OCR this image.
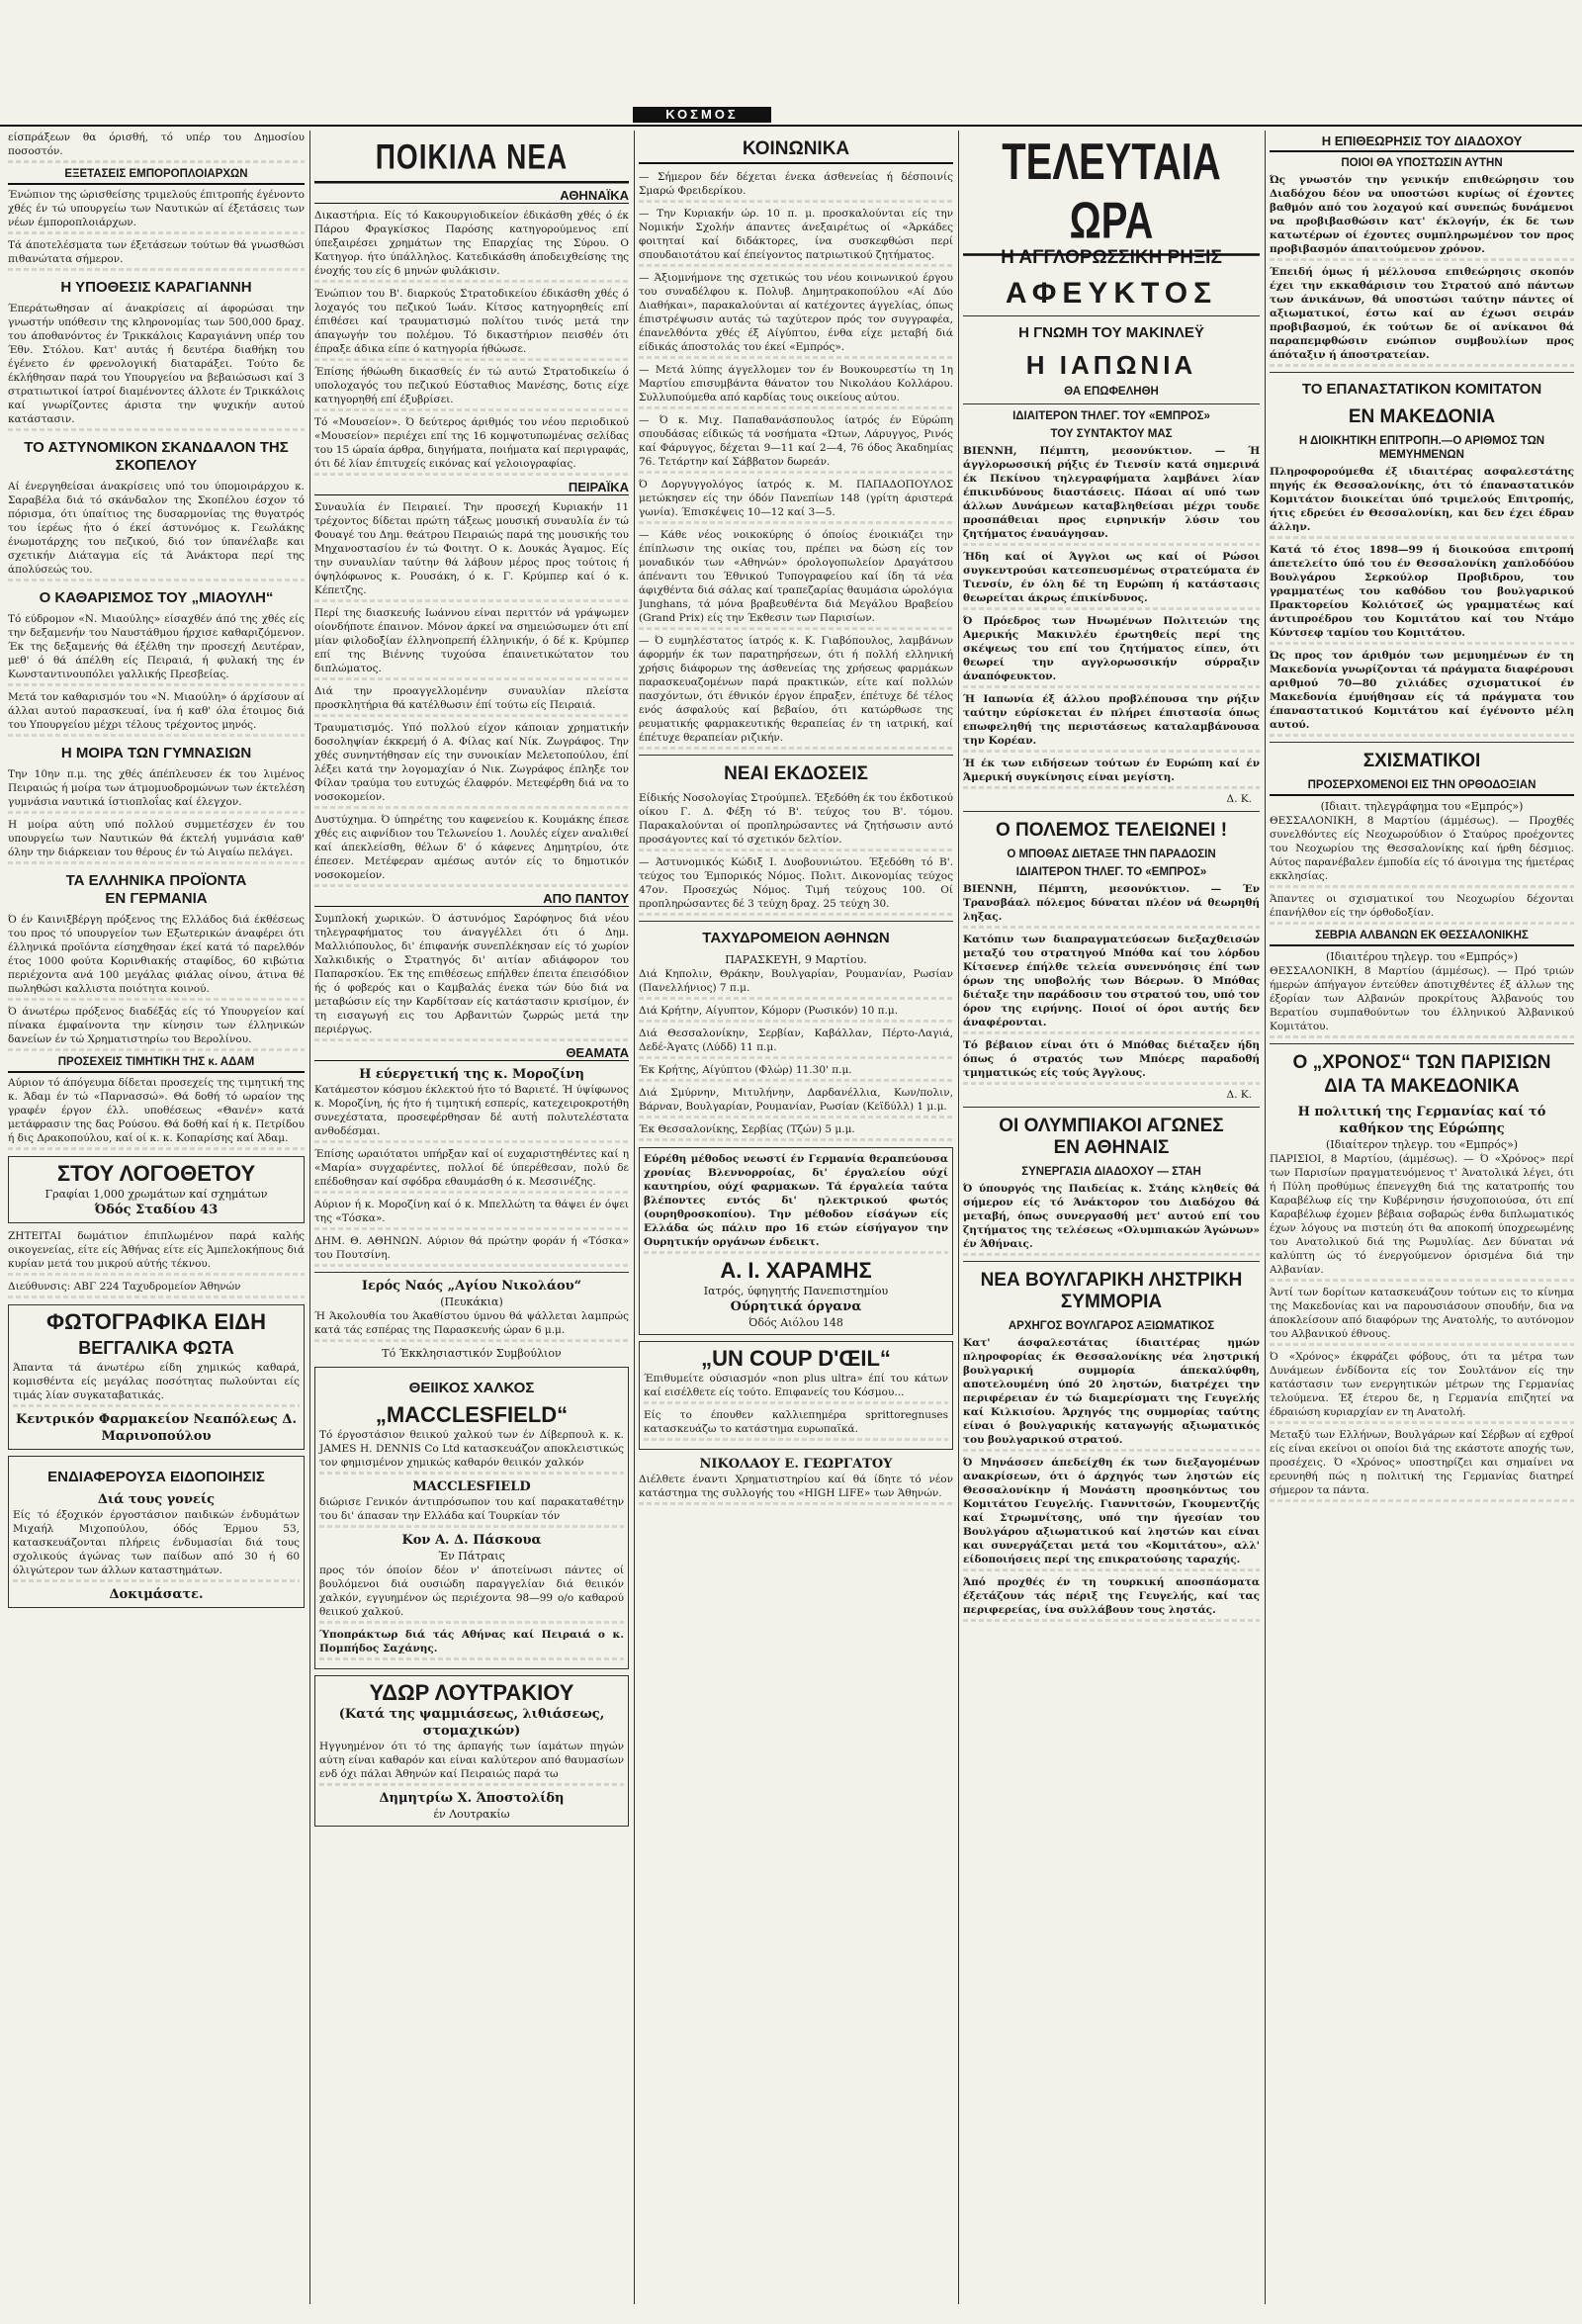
ΚΟΣΜΟΣ

είσπράξεων θα όρισθή, τό υπέρ του Δημοσίου ποσοστόν.

ΕΞΕΤΑΣΕΙΣ ΕΜΠΟΡΟΠΛΟΙΑΡΧΩΝ

Ένώπιον της ώρισθείσης τριμελούς έπιτροπής έγένοντο χθές έν τώ υπουργείω των Ναυτικών αί έξετάσεις των νέων έμποροπλοιάρχων.

Τά άποτελέσματα των έξετάσεων τούτων θά γνωσθώσι πιθανώτατα σήμερον.

Η ΥΠΟΘΕΣΙΣ ΚΑΡΑΓΙΑΝΝΗ

Έπεράτωθησαν αί άνακρίσεις αί άφορώσαι την γνωστήν υπόθεσιν της κληρονομίας των 500,000 δραχ. του άποθανόντος έν Τρικκάλοις Καραγιάννη υπέρ του Έθν. Στόλου. Κατ' αυτάς ή δευτέρα διαθήκη του έγένετο έν φρενολογική διαταράξει. Τούτο δε έκλήθησαν παρά του Υπουργείου να βεβαιώσωσι καί 3 στρατιωτικοί ίατροί διαμένοντες άλλοτε έν Τρικκάλοις καί γνωρίζοντες άριστα την ψυχικήν αυτού κατάστασιν.

ΤΟ ΑΣΤΥΝΟΜΙΚΟΝ ΣΚΑΝΔΑΛΟΝ ΤΗΣ ΣΚΟΠΕΛΟΥ

Αί ένεργηθείσαι άνακρίσεις υπό του ύπομοιράρχου κ. Σαραβέλα διά τό σκάνδαλον της Σκοπέλου έσχον τό πόρισμα, ότι ύπαίτιος της δυσαρμονίας της θυγατρός του ίερέως ήτο ό έκεί άστυνόμος κ. Γεωλάκης ένωμοτάρχης του πεζικού, διό τον ύπανέλαβε και σχετικήν Διάταγμα είς τά Άνάκτορα περί της άπολύσεώς του.

Ο ΚΑΘΑΡΙΣΜΟΣ ΤΟΥ „ΜΙΑΟΥΛΗ“

Τό εύδρομον «Ν. Μιαούλης» είσαχθέν άπό της χθές είς την δεξαμενήν του Ναυστάθμου ήρχισε καθαριζόμενον. Έκ της δεξαμενής θά έξέλθη την προσεχή Δευτέραν, μεθ' ό θά άπέλθη είς Πειραιά, ή φυλακή της έν Κωνσταντινουπόλει γαλλικής Πρεσβείας.

Μετά τον καθαρισμόν του «Ν. Μιαούλη» ό άρχίσουν αί άλλαι αυτού παρασκευαί, ίνα ή καθ' όλα έτοιμος διά του Υπουργείου μέχρι τέλους τρέχοντος μηνός.

Η ΜΟΙΡΑ ΤΩΝ ΓΥΜΝΑΣΙΩΝ

Την 10ην π.μ. της χθές άπέπλευσεν έκ του λιμένος Πειραιώς ή μοίρα των άτμομυοδρομώνων των έκτελέση γυμνάσια ναυτικά ίστιοπλοΐας καί έλεγχον.

Η μοίρα αύτη υπό πολλού συμμετέσχεν έν του υπουργείω των Ναυτικών θά έκτελή γυμνάσια καθ' όλην την διάρκειαν του θέρους έν τώ Αιγαίω πελάγει.

ΤΑ ΕΛΛΗΝΙΚΑ ΠΡΟΪΟΝΤΑ
ΕΝ ΓΕΡΜΑΝΙΑ

Ό έν Καινιξβέργη πρόξενος της Ελλάδος διά έκθέσεως του προς τό υπουργείον των Εξωτερικών άναφέρει ότι έλληνικά προϊόντα είσηχθησαν έκεί κατά τό παρελθόν έτος 1000 φούτα Κορινθιακής σταφίδος, 60 κιβώτια περιέχοντα ανά 100 μεγάλας φιάλας οίνου, άτινα θέ πωληθώσι καλλιστα ποιότητα κοινού.

Ό άνωτέρω πρόξενος διαδέξάς είς τό Υπουργείον καί πίνακα έμφαίνοντα την κίνησιν των έλληνικών δανείων έν τώ Χρηματιστηρίω του Βερολίνου.

ΠΡΟΣΕΧΕΙΣ ΤΙΜΗΤΙΚΗ ΤΗΣ κ. ΑΔΑΜ

Αύριον τό άπόγευμα δίδεται προσεχείς της τιμητική της κ. Άδαμ έν τώ «Παρνασσώ». Θά δοθή τό ωραίον της γραφέν έργον έλλ. υποθέσεως «Θανέν» κατά μετάφρασιν της δας Ρούσου. Θά δοθή καί ή κ. Πετρίδου ή δις Δρακοπούλου, καί οί κ. κ. Κοπαρίσης καί Άδαμ.

ΣΤΟΥ ΛΟΓΟΘΕΤΟΥ
Γραφίαι 1,000 χρωμάτων καί σχημάτων
Όδός Σταδίου 43

ΖΗΤΕΙΤΑΙ δωμάτιον έπιπλωμένον παρά καλής οικογενείας, είτε είς Άθήνας είτε είς Άμπελοκήπους διά κυρίαν μετά του μικρού αύτής τέκνου.

Διεύθυνσις: ΑΒΓ 224 Ταχυδρομείον Άθηνών

ΦΩΤΟΓΡΑΦΙΚΑ ΕΙΔΗ
ΒΕΓΓΑΛΙΚΑ ΦΩΤΑ
Άπαντα τά άνωτέρω είδη χημικώς καθαρά, κομισθέντα είς μεγάλας ποσότητας πωλούνται είς τιμάς λίαν συγκαταβατικάς.
Κεντρικόν Φαρμακείον Νεαπόλεως Δ. Μαρινοπούλου
ΕΝΔΙΑΦΕΡΟΥΣΑ ΕΙΔΟΠΟΙΗΣΙΣ
Διά τους γονείς
Είς τό έξοχικόν έργοστάσιον παιδικών ένδυμάτων Μιχαήλ Μιχοπούλου, όδός Έρμου 53, κατασκευάζονται πλήρεις ένδυμασίαι διά τους σχολικούς άγώνας των παίδων από 30 ή 60 όλιγώτερον των άλλων καταστημάτων.
Δοκιμάσατε.
ΠΟΙΚΙΛΑ ΝΕΑ
ΑΘΗΝΑΪΚΑ

Δικαστήρια. Είς τό Κακουργιοδικείον έδικάσθη χθές ό έκ Πάρου Φραγκίσκος Παρόσης κατηγορούμενος επί ύπεξαιρέσει χρημάτων της Επαρχίας της Σύρου. Ο Κατηγορ. ήτο ύπάλληλος. Κατεδικάσθη άποδειχθείσης της ένοχής του είς 6 μηνών φυλάκισιν.

Ένώπιον του Β'. διαρκούς Στρατοδικείου έδικάσθη χθές ό λοχαγός του πεζικού Ίωάν. Κίτσος κατηγορηθείς επί έπιθέσει καί τραυματισμώ πολίτου τινός μετά την άπαγωγήν του πολέμου. Τό δικαστήριον πεισθέν ότι έπραξε άδικα είπε ό κατηγορία ήθώωσε.

Έπίσης ήθώωθη δικασθείς έν τώ αυτώ Στρατοδικείω ό υπολοχαγός του πεζικού Εύσταθιος Μανέσης, δοτις είχε κατηγορηθή επί έξυβρίσει.

Τό «Μουσείον». Ό δεύτερος άριθμός του νέου περιοδικού «Μουσείον» περιέχει επί της 16 κομψοτυπωμένας σελίδας του 15 ώραία άρθρα, διηγήματα, ποιήματα καί περιγραφάς, ότι δέ λίαν έπιτυχείς εικόνας καί γελοιογραφίας.

ΠΕΙΡΑΪΚΑ

Συναυλία έν Πειραιεί. Την προσεχή Κυριακήν 11 τρέχοντος δίδεται πρώτη τάξεως μουσική συναυλία έν τώ Φουαγέ του Δημ. θεάτρου Πειραιώς παρά της μουσικής του Μηχανοστασίου έν τώ Φοιτητ. Ο κ. Δουκάς Άγαμος. Είς την συναυλίαν ταύτην θά λάβουν μέρος προς τούτοις ή όψηλόφωνος κ. Ρουσάκη, ό κ. Γ. Κρύμπερ καί ό κ. Κέπετζης.

Περί της διασκευής Ιωάννου είναι περιττόν νά γράψωμεν οίονδήποτε έπαινον. Μόνον άρκεί να σημειώσωμεν ότι επί μίαν φιλοδοξίαν έλληνοπρεπή έλληνικήν, ό δέ κ. Κρύμπερ επί της Βιέννης τυχούσα έπαινετικώτατον του διπλώματος.

Διά την προαγγελλομένην συναυλίαν πλείστα προσκλητήρια θά κατέλθωσιν έπί τούτω είς Πειραιά.

Τραυματισμός. Υπό πολλού είχον κάποιαν χρηματικήν δοσοληψίαν έκκρεμή ό Α. Φίλας καί Νίκ. Ζωγράφος. Την χθές συνηντήθησαν είς την συνοικίαν Μελετοπούλου, έπί λέξει κατά την λογομαχίαν ό Νικ. Ζωγράφος έπληξε τον Φίλαν τραύμα του ευτυχώς έλαφρόν. Μετεφέρθη διά να το νοσοκομείον.

Δυστύχημα. Ό ύπηρέτης του καφενείου κ. Κουμάκης έπεσε χθές εις αιφνίδιον του Τελωνείου 1. Λουλές είχεν αναλιθεί καί άπεκλείσθη, θέλων δ' ό κάφενες Δημητρίου, ότε έπεσεν. Μετέφεραν αμέσως αυτόν είς το δημοτικόν νοσοκομείον.

ΑΠΟ ΠΑΝΤΟΥ

Συμπλοκή χωρικών. Ό άστυνόμος Σαρόφηνος διά νέου τηλεγραφήματος του άναγγέλλει ότι ό Δημ. Μαλλιόπουλος, δι' έπιφανήκ συνεπλέκησαν είς τό χωρίον Χαλκιδικής ο Στρατηγός δι' αιτίαν αδιάφορον του Παπαρσκίου. Έκ της επιθέσεως επήλθεν έπειτα έπεισόδιον ής ό φοβερός και ο Καμβαλάς ένεκα τών δύο διά να μεταβώσιν είς την Καρδίτσαν είς κατάστασιν κρισίμον, έν τη εισαγωγή εις του Αρβανιτών ζωρρώς μετά την περιέργως.

ΘΕΑΜΑΤΑ
Η εύεργετική της κ. Μοροζίνη

Κατάμεστον κόσμου έκλεκτού ήτο τό Βαριετέ. Ή ύψίφωνος κ. Μοροζίνη, ής ήτο ή τιμητική εσπερίς, κατεχειροκροτήθη συνεχέστατα, προσεφέρθησαν δέ αυτή πολυτελέστατα ανθοδέσμαι.

Έπίσης ωραιότατοι υπήρξαν καί οί ευχαριστηθέντες καί η «Μαρία» συγχαρέντες, πολλοί δέ ύπερέθεσαν, πολύ δε επέδοθησαν καί σφόδρα εθαυμάσθη ό κ. Μεσσινέζης.

Αύριον ή κ. Μοροζίνη καί ό κ. Μπελλώτη τα θάψει έν όψει της «Τόσκα».

ΔΗΜ. Θ. ΑΘΗΝΩΝ. Αύριον θά πρώτην φοράν ή «Τόσκα» του Πουτσίνη.

Ιερός Ναός „Αγίου Νικολάου“
(Πευκάκια)

Ή Άκολουθία του Άκαθίστου ύμνου θά ψάλλεται λαμπρώς κατά τάς εσπέρας της Παρασκευής ώραν 6 μ.μ.

Τό Έκκλησιαστικόν Συμβούλιον
ΘΕΙΙΚΟΣ ΧΑΛΚΟΣ
„MACCLESFIELD“

Τό έργοστάσιον θειικού χαλκού των έν Δίβερπουλ κ. κ. JAMES H. DENNIS Co Ltd κατασκευάζον αποκλειστικώς τον φημισμένον χημικώς καθαρόν θειικόν χαλκόν

MACCLESFIELD

διώρισε Γενικόν άντιπρόσωπον του καί παρακαταθέτην του δι' άπασαν την Ελλάδα καί Τουρκίαν τόν

Κον Α. Δ. Πάσκουα
Έν Πάτραις

προς τόν όποίον δέον ν' άποτείνωσι πάντες οί βουλόμενοι διά ουσιώδη παραγγελίαν διά θειικόν χαλκόν, εγγυημένον ώς περιέχοντα 98—99 ο/ο καθαρού θειικού χαλκού.

Ύποπράκτωρ διά τάς Αθήνας καί Πειραιά ο κ. Πομπήδος Σαχάνης.

ΥΔΩΡ ΛΟΥΤΡΑΚΙΟΥ
(Κατά της ψαμμιάσεως, λιθιάσεως, στομαχικών)

Ηγγυημένον ότι τό της άρπαγής των ίαμάτων πηγών αύτη είναι καθαρόν και είναι καλύτερον από θαυμασίων ενδ όχι πάλαι Άθηνών καί Πειραιώς παρά τω

Δημητρίω Χ. Άποστολίδη
έν Λουτρακίω
ΚΟΙΝΩΝΙΚΑ

— Σήμερον δέν δέχεται ένεκα άσθενείας ή δέσποινίς Σμαρώ Φρειδερίκου.

— Την Κυριακήν ώρ. 10 π. μ. προσκαλούνται είς την Νομικήν Σχολήν άπαντες άνεξαιρέτως οί «Άρκάδες φοιτηταί καί διδάκτορες, ίνα συσκεφθώσι περί σπουδαιοτάτου καί έπείγοντος πατριωτικού ζητήματος.

— Άξιομνήμονε της σχετικώς του νέου κοινωνικού έργου του συναδέλφου κ. Πολυβ. Δημητρακοπούλου «Αί Δύο Διαθήκαι», παρακαλούνται αί κατέχοντες άγγελίας, όπως έπιστρέψωσιν αυτάς τώ ταχύτερον πρός τον συγγραφέα, έπανελθόντα χθές έξ Αίγύπτου, ένθα είχε μεταβή διά είδικάς άποστολάς του έκεί «Εμπρός».

— Μετά λύπης άγγελλομεν τον έν Βουκουρεστίω τη 1η Μαρτίου επισυμβάντα θάνατον του Νικολάου Κολλάρου. Συλλυπούμεθα από καρδίας τους οικείους αύτου.

— Ό κ. Μιχ. Παπαθανάσπουλος ίατρός έν Εύρώπη σπουδάσας είδικώς τά νοσήματα «Ώτων, Λάρυγγος, Ρινός καί Φάρυγγος, δέχεται 9—11 καί 2—4, 76 όδος Άκαδημίας 76. Τετάρτην καί Σάββατον δωρεάν.

Ό Δοργυγγολόγος ίατρός κ. Μ. ΠΑΠΑΔΟΠΟΥΛΟΣ μετώκησεν είς την όδόν Πανεπίων 148 (γρίτη άριστερά γωνία). Έπισκέψεις 10—12 καί 3—5.

— Κάθε νέος νοικοκύρης ό όποίος ένοικιάζει την έπίπλωσιν της οικίας του, πρέπει να δώση είς τον μοναδικόν των «Αθηνών» όρολογοπωλείον Δραγάτσου άπέναντι του Έθνικού Τυπογραφείου καί ίδη τά νέα άφιχθέντα διά σάλας καί τραπεζαρίας θαυμάσια ώρολόγια Junghans, τά μόνα βραβευθέντα διά Μεγάλου Βραβείου (Grand Prix) είς την Έκθεσιν των Παρισίων.

— Ό ευμηλέστατος ίατρός κ. Κ. Γιαβόπουλος, λαμβάνων άφορμήν έκ των παρατηρήσεων, ότι ή πολλή ελληνική χρήσις διάφορων της άσθενείας της χρήσεως φαρμάκων παρασκευαζομένων παρά πρακτικών, είτε καί πολλών πασχόντων, ότι έθνικόν έργον έπραξεν, έπέτυχε δέ τέλος ενός άσφαλούς καί βεβαίου, ότι κατώρθωσε της ρευματικής φαρμακευτικής θεραπείας έν τη ιατρική, καί έπέτυχε θεραπείαν ριζικήν.

ΝΕΑΙ ΕΚΔΟΣΕΙΣ

Είδικής Νοσολογίας Στρούμπελ. Έξεδόθη έκ του έκδοτικού οίκου Γ. Δ. Φέξη τό Β'. τεύχος του Β'. τόμου. Παρακαλούνται οί προπληρώσαντες νά ζητήσωσιν αυτό προσάγοντες καί τό σχετικόν δελτίον.

— Άστυνομικός Κώδιξ Ι. Δυοβουνιώτου. Έξεδόθη τό Β'. τεύχος του Έμπορικός Νόμος. Πολιτ. Δικονομίας τεύχος 47ον. Προσεχώς Νόμος. Τιμή τεύχους 100. Οί προπληρώσαντες δέ 3 τεύχη δραχ. 25 τεύχη 30.

ΤΑΧΥΔΡΟΜΕΙΟΝ ΑΘΗΝΩΝ
ΠΑΡΑΣΚΕΥΗ, 9 Μαρτίου.

Διά Κηπολιν, Θράκην, Βουλγαρίαν, Ρουμανίαν, Ρωσίαν (Πανελλήνιος) 7 π.μ.

Διά Κρήτην, Αίγυπτον, Κόμορν (Ρωσικόν) 10 π.μ.

Διά Θεσσαλονίκην, Σερβίαν, Καβάλλαν, Πέρτο-Λαγιά, Δεδέ-Άγατς (Λύδδ) 11 π.μ.

Έκ Κρήτης, Αίγύπτου (Φλώρ) 11.30' π.μ.

Διά Σμύρνην, Μιτυλήνην, Δαρδανέλλια, Κων/πολιν, Βάρναν, Βουλγαρίαν, Ρουμανίαν, Ρωσίαν (Κεϊδύλλ) 1 μ.μ.

Έκ Θεσσαλονίκης, Σερβίας (Τζών) 5 μ.μ.

Εύρέθη μέθοδος νεωστί έν Γερμανία θεραπεύουσα χρονίας Βλεννορροίας, δι' έργαλείου ούχί καυτηρίου, ούχί φαρμακων. Τά έργαλεία ταύτα βλέποντες εντός δι' ηλεκτρικού φωτός (ουρηθροσκοπίου). Την μέθοδον είσάγων είς Ελλάδα ώς πάλιν προ 16 ετών είσήγαγον την Ουρητικήν οργάνων ένδεικτ.

Α. Ι. ΧΑΡΑΜΗΣ
Ιατρός, ύφηγητής Πανεπιστημίου
Ούρητικά όργανα
Όδός Αιόλου 148
„UN COUP D'ŒIL“

Έπιθυμείτε ούσιασμόν «non plus ultra» έπί του κάτων καί εισέλθετε είς τούτο. Επιφανείς του Κόσμου...

Είς το έπουθεν καλλιεπημέρα sprittoregnuses κατασκευάζω το κατάστημα ευρωπαϊκά.

ΝΙΚΟΛΑΟΥ Ε. ΓΕΩΡΓΑΤΟΥ

Διέλθετε έναντι Χρηματιστηρίου καί θά ίδητε τό νέον κατάστημα της συλλογής του «HIGH LIFE» των Άθηνών.

ΤΕΛΕΥΤΑΙΑ ΩΡΑ
Η ΑΓΓΛΟΡΩΣΣΙΚΗ ΡΗΞΙΣ
ΑΦΕΥΚΤΟΣ
Η ΓΝΩΜΗ ΤΟΥ ΜΑΚΙΝΛΕΫ
Η ΙΑΠΩΝΙΑ
ΘΑ ΕΠΩΦΕΛΗΘΗ
ΙΔΙΑΙΤΕΡΟΝ ΤΗΛΕΓ. ΤΟΥ «ΕΜΠΡΟΣ»
ΤΟΥ ΣΥΝΤΑΚΤΟΥ ΜΑΣ

ΒΙΕΝΝΗ, Πέμπτη, μεσονύκτιον. — Ή άγγλορωσσική ρήξις έν Τιενσίν κατά σημερινά έκ Πεκίνου τηλεγραφήματα λαμβάνει λίαν έπικινδύνους διαστάσεις. Πάσαι αί υπό των άλλων Δυνάμεων καταβληθείσαι μέχρι τουδε προσπάθειαι προς ειρηνικήν λύσιν του ζητήματος έναυάγησαν.

Ήδη καί οί Άγγλοι ως καί οί Ρώσοι συγκεντρούσι κατεσπευσμένως στρατεύματα έν Τιενσίν, έν όλη δέ τη Ευρώπη ή κατάστασις θεωρείται άκρως έπικίνδυνος.

Ό Πρόεδρος των Ηνωμένων Πολιτειών της Αμερικής Μακινλέυ έρωτηθείς περί της σκέψεως του επί του ζητήματος είπεν, ότι θεωρεί την αγγλορωσσικήν σύρραξιν άναπόφευκτον.

Ή Ιαπωνία έξ άλλου προβλέπουσα την ρήξιν ταύτην εύρίσκεται έν πλήρει έπιστασία όπως επωφεληθή της περιστάσεως καταλαμβάνουσα την Κορέαν.

Ή έκ των ειδήσεων τούτων έν Ευρώπη καί έν Άμερική συγκίνησις είναι μεγίστη.

Δ. Κ.
Ο ΠΟΛΕΜΟΣ ΤΕΛΕΙΩΝΕΙ !
Ο ΜΠΟΘΑΣ ΔΙΕΤΑΞΕ ΤΗΝ ΠΑΡΑΔΟΣΙΝ
ΙΔΙΑΙΤΕΡΟΝ ΤΗΛΕΓ. ΤΟ «ΕΜΠΡΟΣ»

ΒΙΕΝΝΗ, Πέμπτη, μεσονύκτιον. — Έν Τρανσβάαλ πόλεμος δύναται πλέον νά θεωρηθή ληξας.

Κατόπιν των διαπραγματεύσεων διεξαχθεισών μεταξύ του στρατηγού Μπόθα καί του λόρδου Κίτσενερ έπήλθε τελεία συνεννόησις έπί των όρων της υποβολής των Βόερων. Ό Μπόθας διέταξε την παράδοσιν του στρατού του, υπό τον όρον της ειρήνης. Ποιοί οί όροι αυτής δεν άναφέρονται.

Τό βέβαιον είναι ότι ό Μπόθας διέταξεν ήδη όπως ό στρατός των Μπόερς παραδοθή τμηματικώς είς τούς Άγγλους.

Δ. Κ.
ΟΙ ΟΛΥΜΠΙΑΚΟΙ ΑΓΩΝΕΣ
ΕΝ ΑΘΗΝΑΙΣ
ΣΥΝΕΡΓΑΣΙΑ ΔΙΑΔΟΧΟΥ — ΣΤΑΗ

Ό ύπουργός της Παιδείας κ. Στάης κληθείς θά σήμερον είς τό Άνάκτορον του Διαδόχου θά μεταβή, όπως συνεργασθή μετ' αυτού επί του ζητήματος της τελέσεως «Ολυμπιακών Άγώνων» έν Άθήναις.

ΝΕΑ ΒΟΥΛΓΑΡΙΚΗ ΛΗΣΤΡΙΚΗ ΣΥΜΜΟΡΙΑ
ΑΡΧΗΓΟΣ ΒΟΥΛΓΑΡΟΣ ΑΞΙΩΜΑΤΙΚΟΣ

Κατ' άσφαλεστάτας ίδιαιτέρας ημών πληροφορίας έκ Θεσσαλονίκης νέα ληστρική βουλγαρική συμμορία άπεκαλύφθη, αποτελουμένη ύπό 20 ληστών, διατρέχει την περιφέρειαν έν τώ διαμερίσματι της Γευγελής καί Κιλκισίου. Άρχηγός της συμμορίας ταύτης είναι ό βουλγαρικής καταγωγής αξιωματικός του βουλγαρικού στρατού.

Ό Μηνάσσεν άπεδείχθη έκ των διεξαγομένων ανακρίσεων, ότι ό άρχηγός των ληστών είς Θεσσαλονίκην ή Μονάστη προσηκόντως του Κομιτάτου Γευγελής. Γιαννιτσών, Γκουμεντζής καί Στρωμνίτσης, υπό την ήγεσίαν του Βουλγάρου αξιωματικού καί ληστών και είναι και συνεργάζεται μετά του «Κομιτάτου», αλλ' είδοποιήσεις περί της επικρατούσης ταραχής.

Άπό προχθές έν τη τουρκική αποσπάσματα έξετάζουν τάς πέριξ της Γευγελής, καί τας περιφερείας, ίνα συλλάβουν τους ληστάς.

Η ΕΠΙΘΕΩΡΗΣΙΣ ΤΟΥ ΔΙΑΔΟΧΟΥ
ΠΟΙΟΙ ΘΑ ΥΠΟΣΤΩΣΙΝ ΑΥΤΗΝ

Ώς γνωστόν την γενικήν επιθεώρησιν του Διαδόχου δέον να υποστώσι κυρίως οί έχοντες βαθμόν από του λοχαγού καί συνεπώς δυνάμενοι να προβιβασθώσιν κατ' έκλογήν, έκ δε των κατωτέρων οί έχοντες συμπληρωμένον τον προς προβιβασμόν άπαιτούμενον χρόνον.

Έπειδή όμως ή μέλλουσα επιθεώρησις σκοπόν έχει την εκκαθάρισιν του Στρατού από πάντων των άνικάνων, θά υποστώσι ταύτην πάντες οί αξιωματικοί, έστω καί αν έχωσι σειράν προβιβασμού, έκ τούτων δε οί ανίκανοι θά παραπεμφθώσιν ενώπιον συμβουλίων προς άπόταξιν ή άποστρατείαν.

ΤΟ ΕΠΑΝΑΣΤΑΤΙΚΟΝ ΚΟΜΙΤΑΤΟΝ
ΕΝ ΜΑΚΕΔΟΝΙΑ
Η ΔΙΟΙΚΗΤΙΚΗ ΕΠΙΤΡΟΠΗ.—Ο ΑΡΙΘΜΟΣ ΤΩΝ ΜΕΜΥΗΜΕΝΩΝ

Πληροφορούμεθα έξ ιδιαιτέρας ασφαλεστάτης πηγής έκ Θεσσαλονίκης, ότι τό έπαναστατικόν Κομιτάτον διοικείται ύπό τριμελούς Επιτροπής, ήτις εδρεύει έν Θεσσαλονίκη, και δεν έχει έδραν άλλην.

Κατά τό έτος 1898—99 ή διοικούσα επιτροπή άπετελείτο ύπό του έν Θεσσαλονίκη χαπλοδόύου Βουλγάρου Σερκούλορ Προβιδρου, του γραμματέως του καθόδου του βουλγαρικού Πρακτορείου Κολιότσεζ ώς γραμματέως καί άντιπροέδρου του Κομιτάτου καί του Ντάμο Κύντσεφ ταμίου του Κομιτάτου.

Ώς προς τον άριθμόν των μεμυημένων έν τη Μακεδονία γνωρίζονται τά πράγματα διαφέρουσι αριθμού 70—80 χιλιάδες σχισματικοί έν Μακεδονία έμυήθησαν είς τά πράγματα του έπαναστατικού Κομιτάτου καί έγένοντο μέλη αυτού.

ΣΧΙΣΜΑΤΙΚΟΙ
ΠΡΟΣΕΡΧΟΜΕΝΟΙ ΕΙΣ ΤΗΝ ΟΡΘΟΔΟΞΙΑΝ
(Ιδιαιτ. τηλεγράφημα του «Εμπρός»)

ΘΕΣΣΑΛΟΝΙΚΗ, 8 Μαρτίου (άμμέσως). — Προχθές συνελθόντες είς Νεοχωρούδιον ό Σταύρος προέχοντες του Νεοχωρίου της Θεσσαλονίκης καί ήρθη δέσμιος. Αύτος παρανέβαλεν έμποδία είς τό άνοιγμα της ήμετέρας εκκλησίας.

Άπαντες οι σχισματικοί του Νεοχωρίου δέχονται έπανήλθον είς την όρθοδοξίαν.

ΣΕΒΡΙΑ ΑΛΒΑΝΩΝ ΕΚ ΘΕΣΣΑΛΟΝΙΚΗΣ
(Ιδιαιτέρου τηλεγρ. του «Εμπρός»)

ΘΕΣΣΑΛΟΝΙΚΗ, 8 Μαρτίου (άμμέσως). — Πρό τριών ήμερών άπήγαγον έντεύθεν άποτιχθέντες έξ άλλων της έξορίαν των Αλβανών προκρίτους Άλβανούς του Βερατίου συμπαθούντων του έλληνικού Άλβανικού Κομιτάτου.

Ο „ΧΡΟΝΟΣ“ ΤΩΝ ΠΑΡΙΣΙΩΝ
ΔΙΑ ΤΑ ΜΑΚΕΔΟΝΙΚΑ
Η πολιτική της Γερμανίας καί τό καθήκον της Εύρώπης
(Ιδιαίτερον τηλεγρ. του «Εμπρός»)

ΠΑΡΙΣΙΟΙ, 8 Μαρτίου, (άμμέσως). — Ό «Χρόνος» περί των Παρισίων πραγματευόμενος τ' Άνατολικά λέγει, ότι ή Πύλη προθύμως έπενεγχθη διά της κατατροπής του Καραβέλωφ είς την Κυβέρνησιν ήσυχοποιούσα, ότι επί Καραβέλωφ έχομεν βέβαια σοβαρώς ένθα διπλωματικός έχων λόγους να πιστεύη ότι θα αποκοπή ύποχρεωμένης του Ανατολικού διά της Ρωμυλίας. Δεν δύναται νά καλύπτη ώς τό ένεργούμενον όρισμένα διά την Αλβανίαν.

Άντί των δορίτων κατασκευάζουν τούτων εις το κίνημα της Μακεδονίας και να παρουσιάσουν σπουδήν, δια να άποκλείσουν από διαφόρων της Ανατολής, το αυτόνομον του Αλβανικού έθνους.

Ό «Χρόνος» έκφράζει φόβους, ότι τα μέτρα των Δυνάμεων ένδίδοντα είς τον Σουλτάνον είς την κατάστασιν των ενεργητικών μέτρων της Γερμανίας τελούμενα. Έξ έτερου δε, η Γερμανία επιζητεί να έδραιώση κυριαρχίαν εν τη Ανατολή.

Μεταξύ των Ελλήνων, Βουλγάρων καί Σέρβων αί εχθροί είς είναι εκείνοι οι οποίοι διά της εκάστοτε αποχής των, προσέχεις. Ό «Χρόνος» υποστηρίζει και σημαίνει να ερευνηθή πώς η πολιτική της Γερμανίας διατηρεί σήμερον τα πάντα.
